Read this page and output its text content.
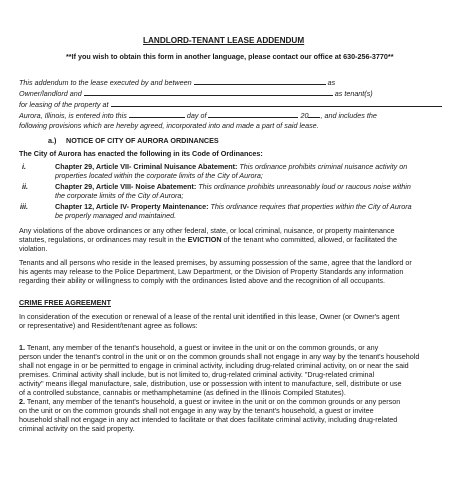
LANDLORD-TENANT LEASE ADDENDUM
**If you wish to obtain this form in another language, please contact our office at 630-256-3770**
This addendum to the lease executed by and between	as
Owner/landlord and	as tenant(s)
for leasing of the property at
Aurora, Illinois, is entered into this	day of	20 , and includes the
following provisions which are hereby agreed, incorporated into and made a part of said lease.
a.) NOTICE OF CITY OF AURORA ORDINANCES
The City of Aurora has enacted the following in its Code of Ordinances:
i.	Chapter 29, Article VII- Criminal Nuisance Abatement: This ordinance prohibits criminal nuisance activity on
properties located within the corporate limits of the City of Aurora;
ii.	Chapter 29, Article VIII- Noise Abatement: This ordinance prohibits unreasonably loud or raucous noise within
the corporate limits of the City of Aurora;
iii.	Chapter 12, Article IV- Property Maintenance: This ordinance requires that properties within the City of Aurora
be properly managed and maintained.
Any violations of the above ordinances or any other federal, state, or local criminal, nuisance, or property maintenance
statutes, regulations, or ordinances may result in the EVICTION of the tenant who committed, allowed, or facilitated the
violation.
Tenants and all persons who reside in the leased premises, by assuming possession of the same, agree that the landlord or
his agents may release to the Police Department, Law Department, or the Division of Property Standards any information
regarding their ability or willingness to comply with the ordinances listed above and the recognition of all occupants.
CRIME FREE AGREEMENT
In consideration of the execution or renewal of a lease of the rental unit identified in this lease, Owner (or Owner's agent
or representative) and Resident/tenant agree as follows:
1. Tenant, any member of the tenant's household, a guest or invitee in the unit or on the common grounds, or any
person under the tenant's control in the unit or on the common grounds shall not engage in any way by the tenant's household
shall not engage in or be permitted to engage in criminal activity, including drug-related criminal activity, on or near the said
premises. Criminal activity shall include, but is not limited to, drug-related criminal activity. "Drug-related criminal
activity" means illegal manufacture, sale, distribution, use or possession with intent to manufacture, sell, distribute or use
of a controlled substance, cannabis or methamphetamine (as defined in the Illinois Compiled Statutes).
2. Tenant, any member of the tenant's household, a guest or invitee in the unit or on the common grounds or any person
on the unit or on the common grounds shall not engage in any way by the tenant's household, a guest or invitee
household shall not engage in any act intended to facilitate or that does facilitate criminal activity, including drug-related
criminal activity on the said property.
